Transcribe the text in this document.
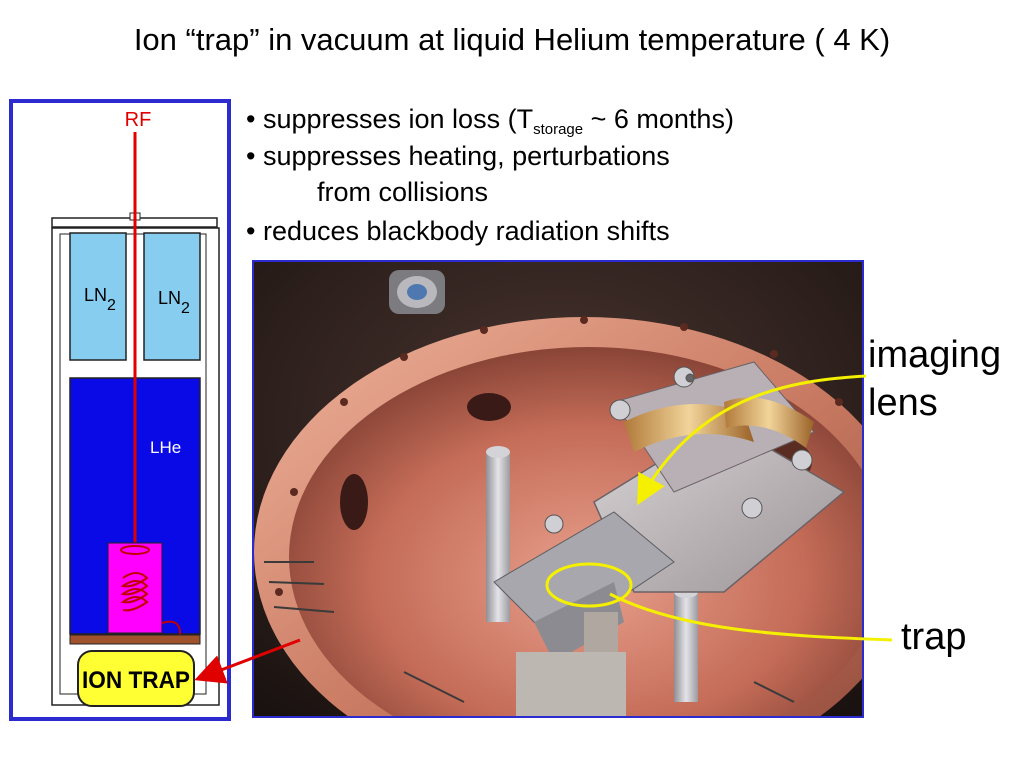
Ion “trap” in vacuum at liquid Helium temperature ( 4 K)
• suppresses ion loss ($T_{storage}$ ~ 6 months)
• suppresses heating, perturbations
from collisions
• reduces blackbody radiation shifts
ION TRAP
RF
LN2 LN2
LHe
imaging
lens
trap
